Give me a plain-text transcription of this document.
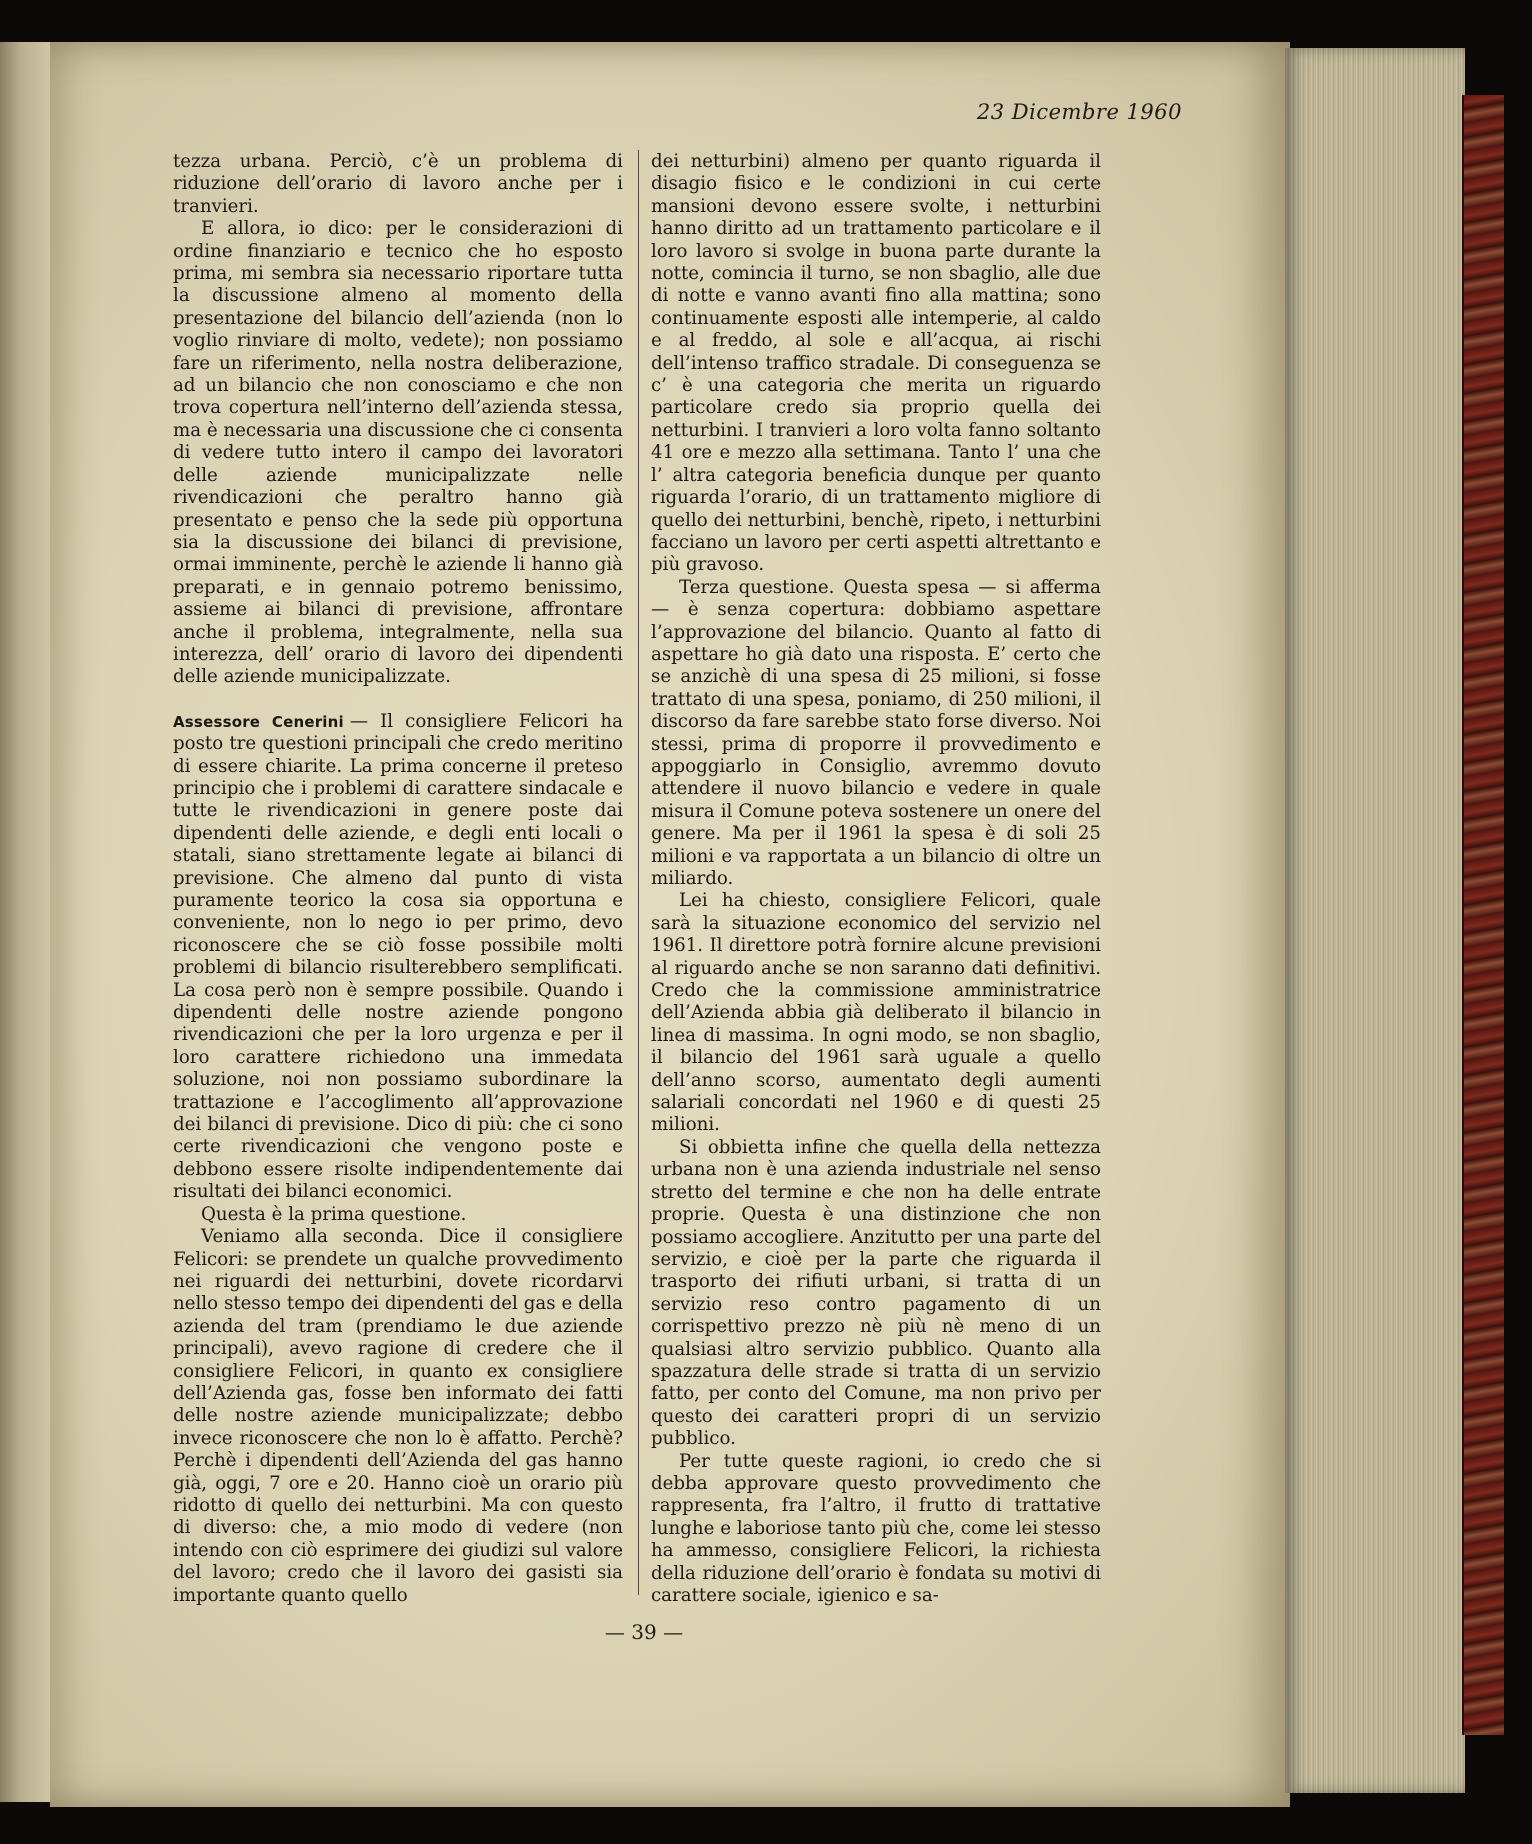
23 Dicembre 1960

tezza urbana. Perciò, c’è un problema di riduzione dell’orario di lavoro anche per i tranvieri.

E allora, io dico: per le considerazioni di ordine finanziario e tecnico che ho esposto prima, mi sembra sia necessario riportare tutta la discussione almeno al momento della presentazione del bilancio dell’azienda (non lo voglio rinviare di molto, vedete); non possiamo fare un riferimento, nella nostra deliberazione, ad un bilancio che non conosciamo e che non trova copertura nell’interno dell’azienda stessa, ma è necessaria una discussione che ci consenta di vedere tutto intero il campo dei lavoratori delle aziende municipalizzate nelle rivendicazioni che peraltro hanno già presentato e penso che la sede più opportuna sia la discussione dei bilanci di previsione, ormai imminente, perchè le aziende li hanno già preparati, e in gennaio potremo benissimo, assieme ai bilanci di previsione, affrontare anche il problema, integralmente, nella sua interezza, dell’ orario di lavoro dei dipendenti delle aziende municipalizzate.

Assessore Cenerini — Il consigliere Felicori ha posto tre questioni principali che credo meritino di essere chiarite. La prima concerne il preteso principio che i problemi di carattere sindacale e tutte le rivendicazioni in genere poste dai dipendenti delle aziende, e degli enti locali o statali, siano strettamente legate ai bilanci di previsione. Che almeno dal punto di vista puramente teorico la cosa sia opportuna e conveniente, non lo nego io per primo, devo riconoscere che se ciò fosse possibile molti problemi di bilancio risulterebbero semplificati. La cosa però non è sempre possibile. Quando i dipendenti delle nostre aziende pongono rivendicazioni che per la loro urgenza e per il loro carattere richiedono una immedata soluzione, noi non possiamo subordinare la trattazione e l’accoglimento all’approvazione dei bilanci di previsione. Dico di più: che ci sono certe rivendicazioni che vengono poste e debbono essere risolte indipendentemente dai risultati dei bilanci economici.

Questa è la prima questione.

Veniamo alla seconda. Dice il consigliere Felicori: se prendete un qualche provvedimento nei riguardi dei netturbini, dovete ricordarvi nello stesso tempo dei dipendenti del gas e della azienda del tram (prendiamo le due aziende principali), avevo ragione di credere che il consigliere Felicori, in quanto ex consigliere dell’Azienda gas, fosse ben informato dei fatti delle nostre aziende municipalizzate; debbo invece riconoscere che non lo è affatto. Perchè? Perchè i dipendenti dell’Azienda del gas hanno già, oggi, 7 ore e 20. Hanno cioè un orario più ridotto di quello dei netturbini. Ma con questo di diverso: che, a mio modo di vedere (non intendo con ciò esprimere dei giudizi sul valore del lavoro; credo che il lavoro dei gasisti sia importante quanto quello

dei netturbini) almeno per quanto riguarda il disagio fisico e le condizioni in cui certe mansioni devono essere svolte, i netturbini hanno diritto ad un trattamento particolare e il loro lavoro si svolge in buona parte durante la notte, comincia il turno, se non sbaglio, alle due di notte e vanno avanti fino alla mattina; sono continuamente esposti alle intemperie, al caldo e al freddo, al sole e all’acqua, ai rischi dell’intenso traffico stradale. Di conseguenza se c’ è una categoria che merita un riguardo particolare credo sia proprio quella dei netturbini. I tranvieri a loro volta fanno soltanto 41 ore e mezzo alla settimana. Tanto l’ una che l’ altra categoria beneficia dunque per quanto riguarda l’orario, di un trattamento migliore di quello dei netturbini, benchè, ripeto, i netturbini facciano un lavoro per certi aspetti altrettanto e più gravoso.

Terza questione. Questa spesa — si afferma — è senza copertura: dobbiamo aspettare l’approvazione del bilancio. Quanto al fatto di aspettare ho già dato una risposta. E’ certo che se anzichè di una spesa di 25 milioni, si fosse trattato di una spesa, poniamo, di 250 milioni, il discorso da fare sarebbe stato forse diverso. Noi stessi, prima di proporre il provvedimento e appoggiarlo in Consiglio, avremmo dovuto attendere il nuovo bilancio e vedere in quale misura il Comune poteva sostenere un onere del genere. Ma per il 1961 la spesa è di soli 25 milioni e va rapportata a un bilancio di oltre un miliardo.

Lei ha chiesto, consigliere Felicori, quale sarà la situazione economico del servizio nel 1961. Il direttore potrà fornire alcune previsioni al riguardo anche se non saranno dati definitivi. Credo che la commissione amministratrice dell’Azienda abbia già deliberato il bilancio in linea di massima. In ogni modo, se non sbaglio, il bilancio del 1961 sarà uguale a quello dell’anno scorso, aumentato degli aumenti salariali concordati nel 1960 e di questi 25 milioni.

Si obbietta infine che quella della nettezza urbana non è una azienda industriale nel senso stretto del termine e che non ha delle entrate proprie. Questa è una distinzione che non possiamo accogliere. Anzitutto per una parte del servizio, e cioè per la parte che riguarda il trasporto dei rifiuti urbani, si tratta di un servizio reso contro pagamento di un corrispettivo prezzo nè più nè meno di un qualsiasi altro servizio pubblico. Quanto alla spazzatura delle strade si tratta di un servizio fatto, per conto del Comune, ma non privo per questo dei caratteri propri di un servizio pubblico.

Per tutte queste ragioni, io credo che si debba approvare questo provvedimento che rappresenta, fra l’altro, il frutto di trattative lunghe e laboriose tanto più che, come lei stesso ha ammesso, consigliere Felicori, la richiesta della riduzione dell’orario è fondata su motivi di carattere sociale, igienico e sa-

— 39 —
